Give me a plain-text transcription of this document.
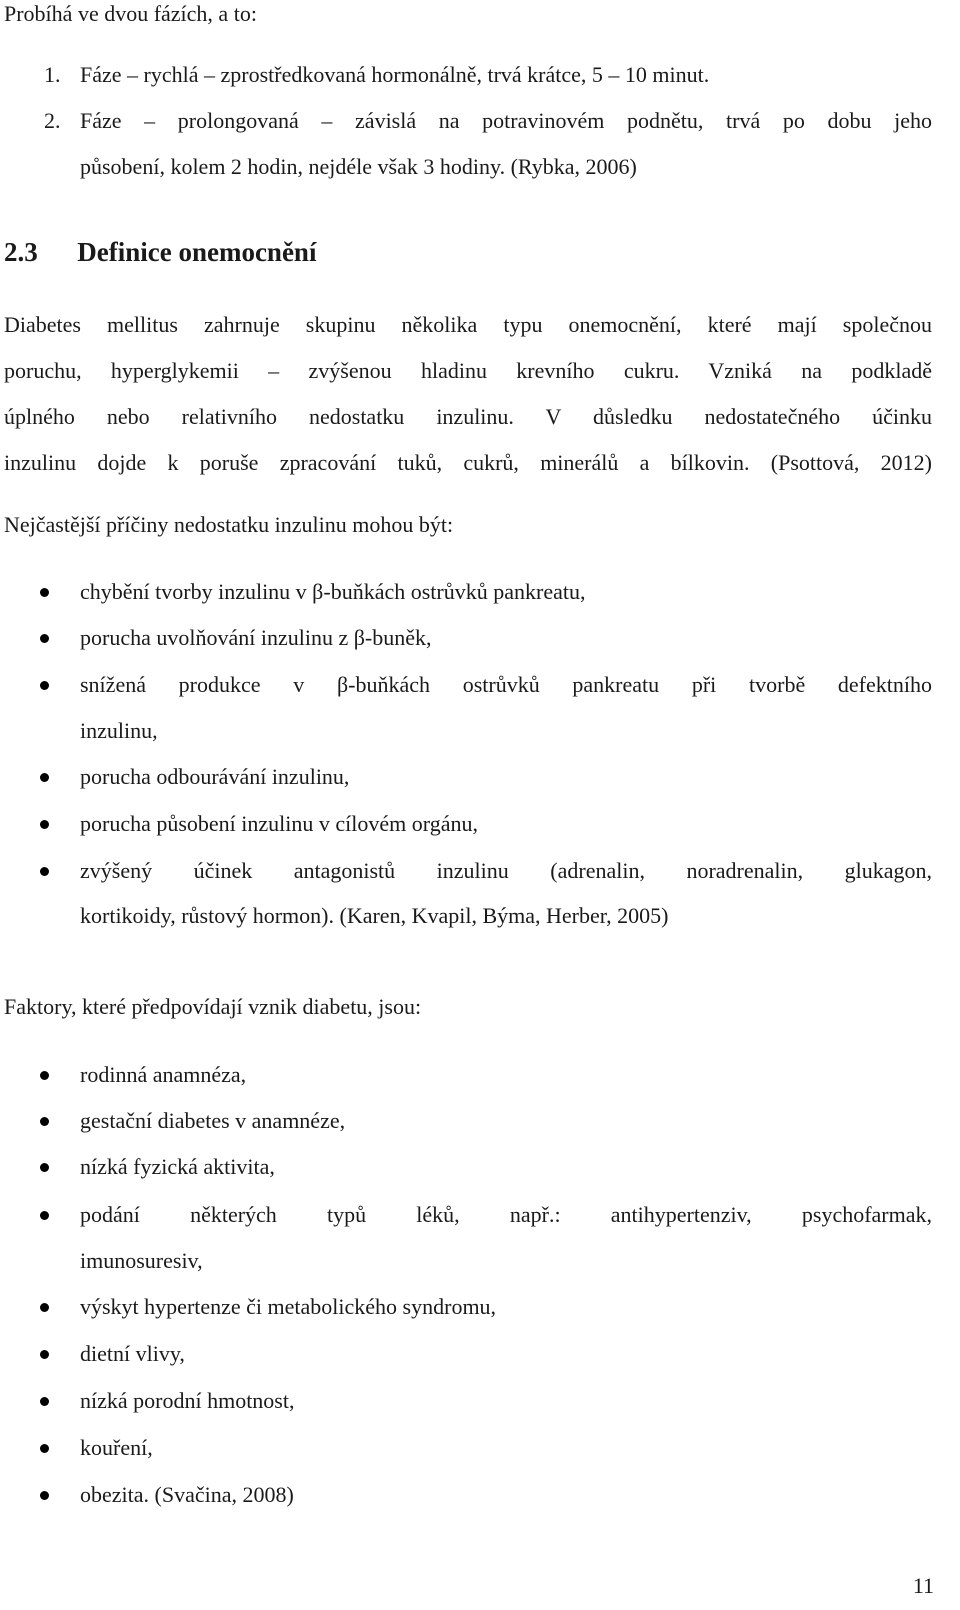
Probíhá ve dvou fázích, a to:
1. Fáze – rychlá – zprostředkovaná hormonálně, trvá krátce, 5 – 10 minut.
2. Fáze – prolongovaná – závislá na potravinovém podnětu, trvá po dobu jeho
působení, kolem 2 hodin, nejdéle však 3 hodiny. (Rybka, 2006)
2.3 Definice onemocnění
Diabetes mellitus zahrnuje skupinu několika typu onemocnění, které mají společnou
poruchu, hyperglykemii – zvýšenou hladinu krevního cukru. Vzniká na podkladě
úplného nebo relativního nedostatku inzulinu. V důsledku nedostatečného účinku
inzulinu dojde k poruše zpracování tuků, cukrů, minerálů a bílkovin. (Psottová, 2012)
Nejčastější příčiny nedostatku inzulinu mohou být:
chybění tvorby inzulinu v β-buňkách ostrůvků pankreatu,
porucha uvolňování inzulinu z β-buněk,
snížená produkce v β-buňkách ostrůvků pankreatu při tvorbě defektního
inzulinu,
porucha odbourávání inzulinu,
porucha působení inzulinu v cílovém orgánu,
zvýšený účinek antagonistů inzulinu (adrenalin, noradrenalin, glukagon,
kortikoidy, růstový hormon). (Karen, Kvapil, Býma, Herber, 2005)
Faktory, které předpovídají vznik diabetu, jsou:
rodinná anamnéza,
gestační diabetes v anamnéze,
nízká fyzická aktivita,
podání některých typů léků, např.: antihypertenziv, psychofarmak,
imunosuresiv,
výskyt hypertenze či metabolického syndromu,
dietní vlivy,
nízká porodní hmotnost,
kouření,
obezita. (Svačina, 2008)
11
